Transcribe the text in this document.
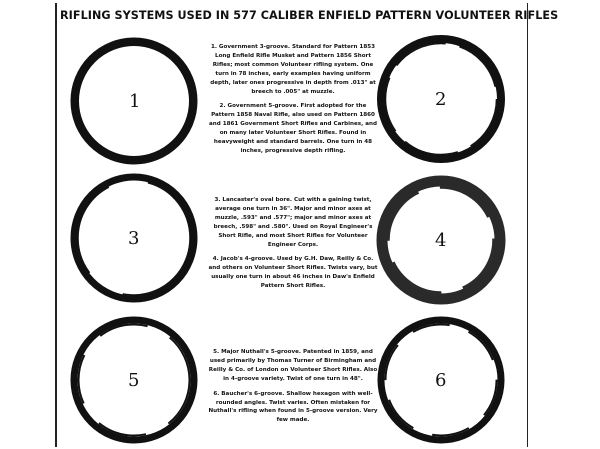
RIFLING SYSTEMS USED IN 577 CALIBER ENFIELD PATTERN VOLUNTEER RIFLES
1	2
3	4
5	6

1. Government 3-groove. Standard for Pattern 1853 Long Enfield Rifle Musket and Pattern 1856 Short Rifles; most common Volunteer rifling system. One turn in 78 inches, early examples having uniform depth, later ones progressive in depth from .013" at breech to .005" at muzzle.

2. Government 5-groove. First adopted for the Pattern 1858 Naval Rifle, also used on Pattern 1860 and 1861 Government Short Rifles and Carbines, and on many later Volunteer Short Rifles. Found in heavyweight and standard barrels. One turn in 48 inches, progressive depth rifling.

3. Lancaster's oval bore. Cut with a gaining twist, average one turn in 36". Major and minor axes at muzzle, .593" and .577"; major and minor axes at breech, .598" and .580". Used on Royal Engineer's Short Rifle, and most Short Rifles for Volunteer Engineer Corps.

4. Jacob's 4-groove. Used by G.H. Daw, Reilly & Co. and others on Volunteer Short Rifles. Twists vary, but usually one turn in about 46 inches in Daw's Enfield Pattern Short Rifles.

5. Major Nuthall's 5-groove. Patented in 1859, and used primarily by Thomas Turner of Birmingham and Reilly & Co. of London on Volunteer Short Rifles. Also in 4-groove variety. Twist of one turn in 48".

6. Baucher's 6-groove. Shallow hexagon with well-rounded angles. Twist varies. Often mistaken for Nuthall's rifling when found in 5-groove version. Very few made.
